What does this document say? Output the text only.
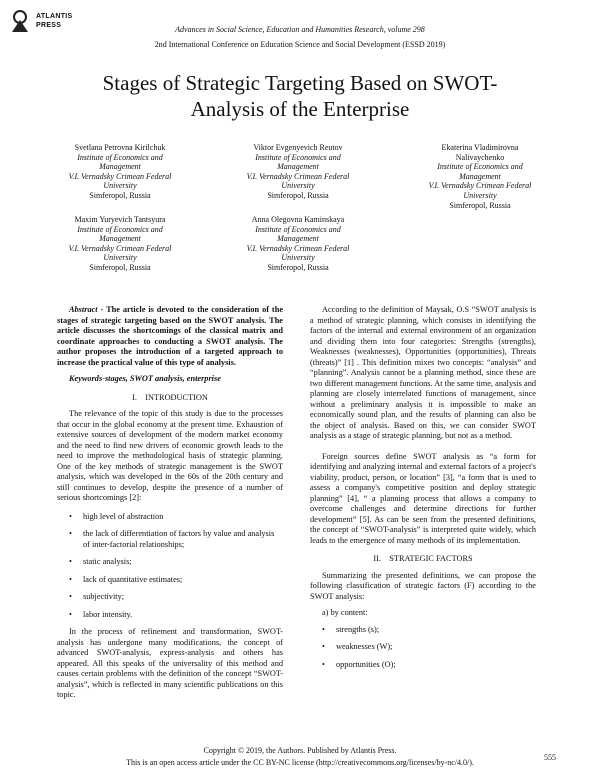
ATLANTIS
PRESS	Advances in Social Science, Education and Humanities Research, volume 298
2nd International Conference on Education Science and Social Development (ESSD 2019)
Stages of Strategic Targeting Based on SWOT-
Analysis of the Enterprise
Svetlana Petrovna Kirilchuk
Institute of Economics and
Management
V.I. Vernadsky Crimean Federal
University
Simferopol, Russia
Viktor Evgenyevich Reutov
Institute of Economics and
Management
V.I. Vernadsky Crimean Federal
University
Simferopol, Russia
Ekaterina Vladimirovna Nalivaychenko
Institute of Economics and
Management
V.I. Vernadsky Crimean Federal
University
Simferopol, Russia
Maxim Yuryevich Tantsyura
Institute of Economics and
Management
V.I. Vernadsky Crimean Federal
University
Simferopol, Russia
Anna Olegovna Kaminskaya
Institute of Economics and
Management
V.I. Vernadsky Crimean Federal
University
Simferopol, Russia

Abstract - The article is devoted to the consideration of the stages of strategic targeting based on the SWOT analysis. The article discusses the shortcomings of the classical matrix and coordinate approaches to conducting a SWOT analysis. The author proposes the introduction of a targeted approach to increase the practical value of this type of analysis.

Keywords-stages, SWOT analysis, enterprise

I. INTRODUCTION

The relevance of the topic of this study is due to the processes that occur in the global economy at the present time. Exhaustion of extensive sources of development of the modern market economy and the need to find new drivers of economic growth leads to the need to improve the methodological basis of strategic planning. One of the key methods of strategic management is the SWOT analysis, which was developed in the 60s of the 20th century and still continues to develop, despite the presence of a number of serious shortcomings [2]:

• high level of abstraction
• the lack of differentiation of factors by value and analysis of inter-factorial relationships;
• static analysis;
• lack of quantitative estimates;
• subjectivity;
• labor intensity.

In the process of refinement and transformation, SWOT-analysis has undergone many modifications, the concept of advanced SWOT-analysis, express-analysis and others has appeared. All this speaks of the universality of this method and causes certain problems with the definition of the concept “SWOT-analysis”, which is reflected in many scientific publications on this topic.

According to the definition of Maysak, O.S “SWOT analysis is a method of strategic planning, which consists in identifying the factors of the internal and external environment of an organization and dividing them into four categories: Strengths (strengths), Weaknesses (weaknesses), Opportunities (opportunities), Threats (threats)” [1] . This definition mixes two concepts: “analysis” and “planning”. Analysis cannot be a planning method, since these are two different management functions. At the same time, analysis and planning are closely interrelated functions of management, since without a preliminary analysis it is impossible to make an economically sound plan, and the results of planning can also be the object of analysis. Based on this, we can consider SWOT analysis as a stage of strategic planning, but not as a method.

Foreign sources define SWOT analysis as “a form for identifying and analyzing internal and external factors of a project's viability, product, person, or location” [3], “a form that is used to assess a company's competitive position and deploy strategic planning” [4], “ a planning process that allows a company to overcome challenges and determine directions for further development” [5]. As can be seen from the presented definitions, the concept of “SWOT-analysis” is interpreted quite widely, which leads to the emergence of many methods of its implementation.

II. STRATEGIC FACTORS

Summarizing the presented definitions, we can propose the following classification of strategic factors (F) according to the SWOT analysis:

a) by content:

• strengths (s);
• weaknesses (W);
• opportunities (O);
Copyright © 2019, the Authors. Published by Atlantis Press.
This is an open access article under the CC BY-NC license (http://creativecommons.org/licenses/by-nc/4.0/).
555
